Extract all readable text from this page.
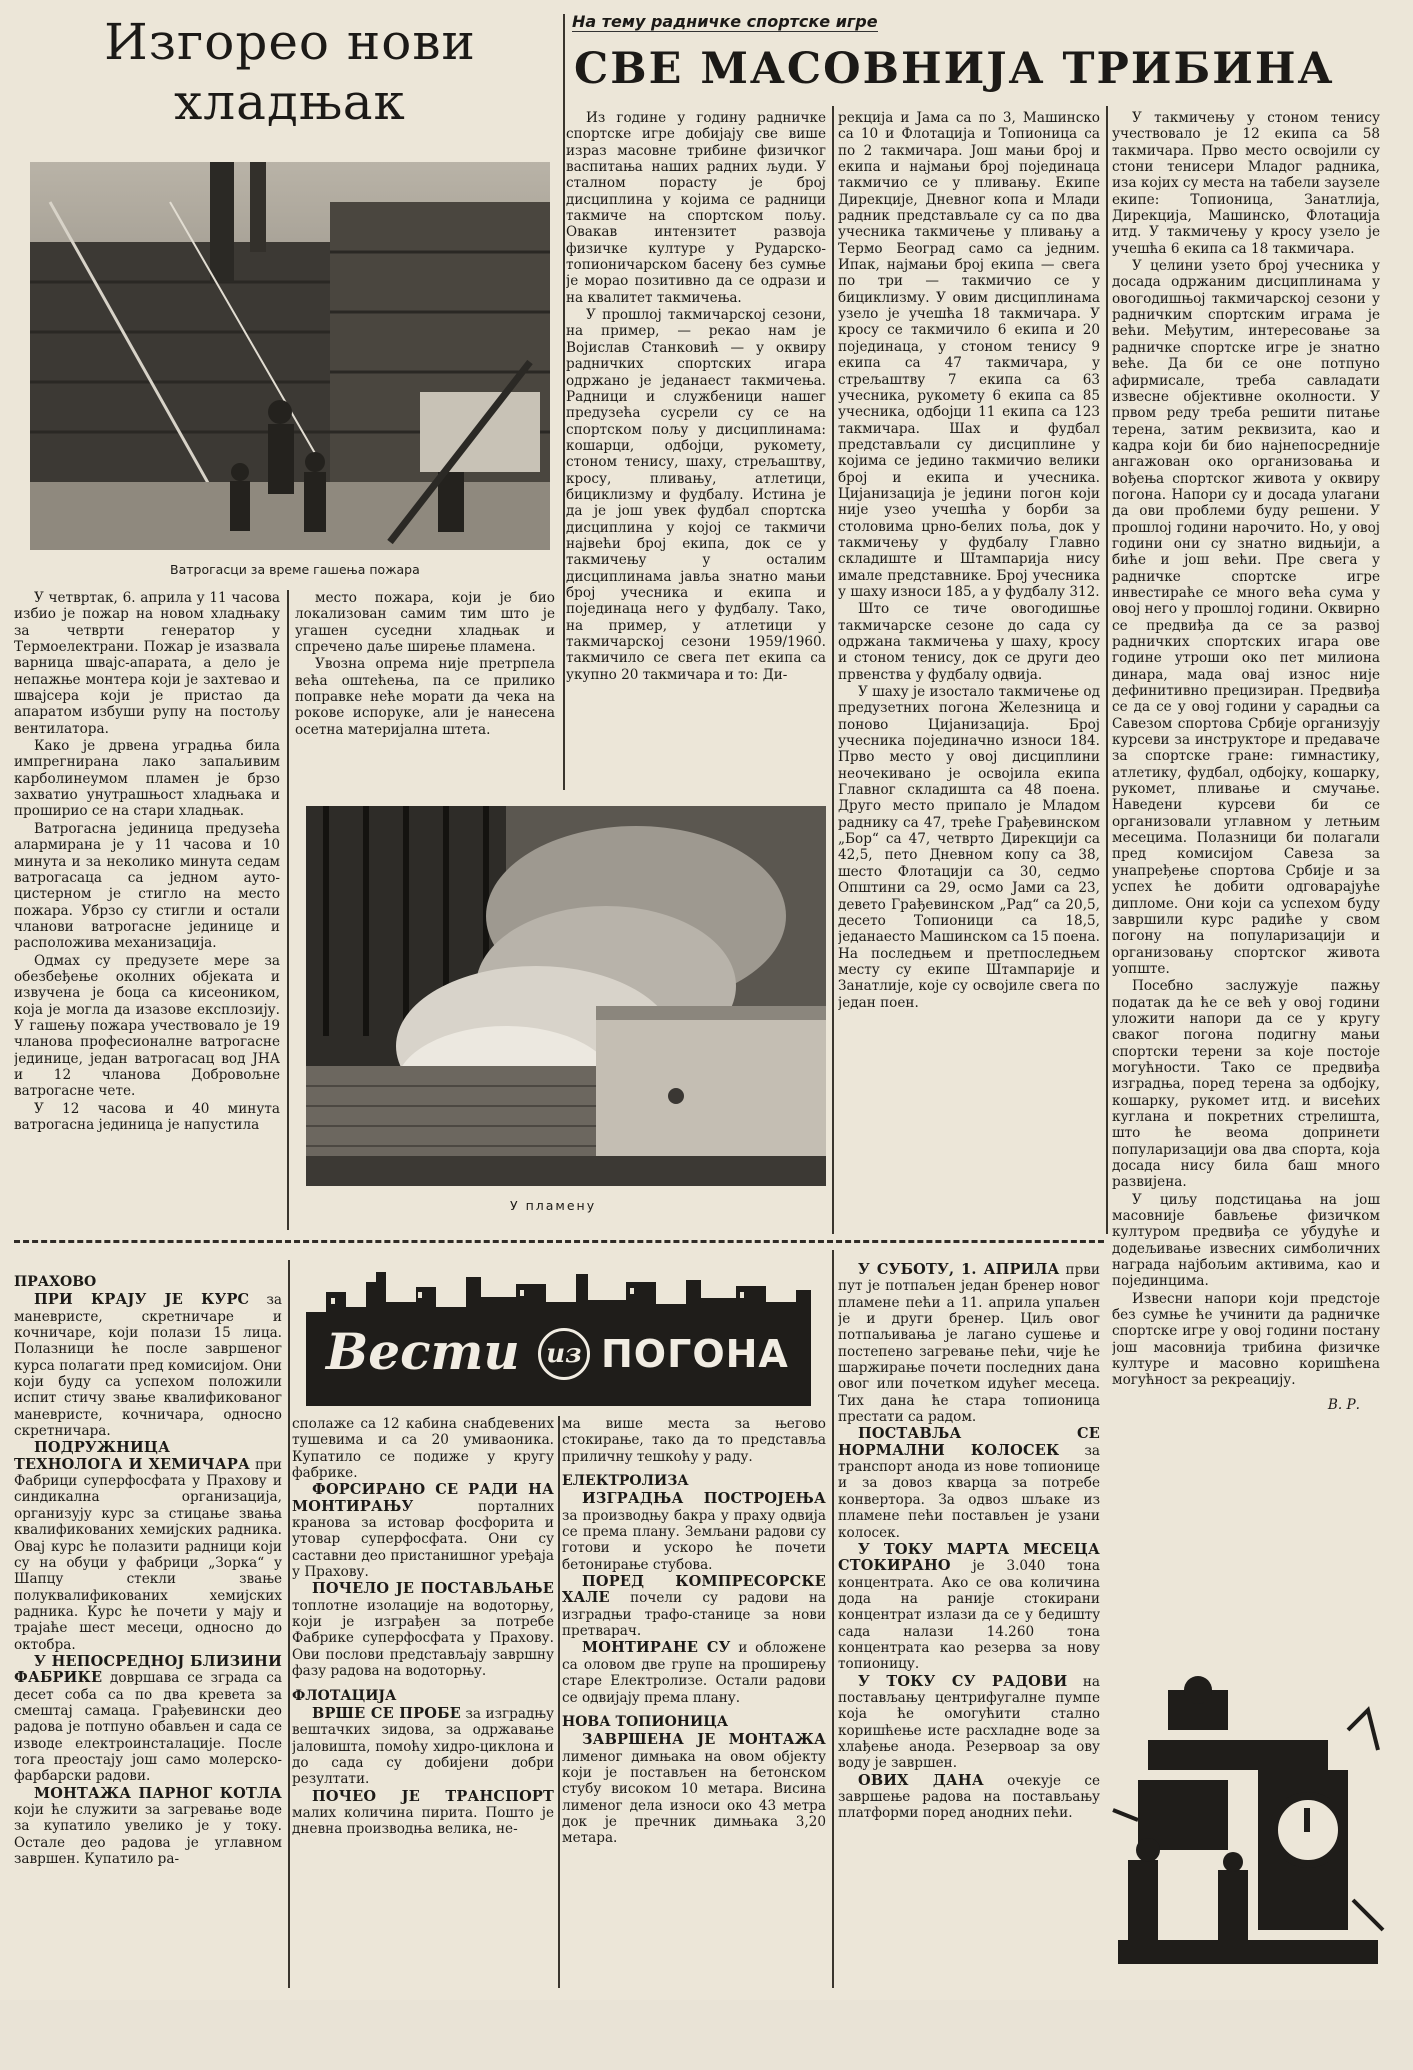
Изгорео нови
хладњак
Ватрогасци за време гашења пожара

У четвртак, 6. априла у 11 часова избио је пожар на новом хладњаку за четврти генератор у Термоелектрани. Пожар је изазвала варница шваjс-апарата, а дело је непажње монтера који је захтевао и швајсера који је пристао да апаратом избуши рупу на постољу вентилатора.

Како је дрвена уградња била импрегнирана лако запаљивим карболинеумом пламен је брзо захватио унутрашњост хладњака и проширио се на стари хладњак.

Ватрогасна јединица предузећа алармирана је у 11 часова и 10 минута и за неколико минута седам ватрогасаца са једном ауто-цистерном је стигло на место пожара. Убрзо су стигли и остали чланови ватрогасне јединице и расположива механизација.

Одмах су предузете мере за обезбеђење околних објеката и извучена је боца са кисеоником, која је могла да изазове експлозију. У гашењу пожара учествовало је 19 чланова професионалне ватрогасне јединице, један ватрогасац вод ЈНА и 12 чланова Добровољне ватрогасне чете.

У 12 часова и 40 минута ватрогасна јединица је напустила

место пожара, који је био локализован самим тим што је угашен суседни хладњак и спречено даље ширење пламена.

Увозна опрема није претрпела већа оштећења, па се прилико поправке неће морати да чека на рокове испоруке, али је нанесена осетна материјална штета.

У пламену
На тему радничке спортске игре
СВЕ МАСОВНИЈА ТРИБИНА

Из године у годину радничке спортске игре добијају све више израз масовне трибине физичког васпитања наших радних људи. У сталном порасту је број дисциплина у којима се радници такмиче на спортском пољу. Овакав интензитет развоја физичке културе у Рударско-топионичарском басену без сумње је морао позитивно да се одрази и на квалитет такмичења.

У прошлој такмичарској сезони, на пример, — рекао нам је Војислав Станковић — у оквиру радничких спортских игара одржано је једанаест такмичења. Радници и службеници нашег предузећа сусрели су се на спортском пољу у дисциплинама: кошарци, одбојци, рукомету, стоном тенису, шаху, стрељаштву, кросу, пливању, атлетици, бициклизму и фудбалу. Истина је да је још увек фудбал спортска дисциплина у којој се такмичи највећи број екипа, док се у такмичењу у осталим дисциплинама јавља знатно мањи број учесника и екипа и појединаца него у фудбалу. Тако, на пример, у атлетици у такмичарској сезони 1959/1960. такмичило се свега пет екипа са укупно 20 такмичара и то: Ди-

рекција и Јама са по 3, Машинско са 10 и Флотација и Топионица са по 2 такмичара. Још мањи број и екипа и најмањи број појединаца такмичио се у пливању. Екипе Дирекције, Дневног копа и Млади радник представљале су са по два учесника такмичење у пливању а Термо Београд само са једним. Ипак, најмањи број екипа — свега по три — такмичио се у бициклизму. У овим дисциплинама узело је учешћа 18 такмичара. У кросу се такмичило 6 екипа и 20 појединаца, у стоном тенису 9 екипа са 47 такмичара, у стрељаштву 7 екипа са 63 учесника, рукомету 6 екипа са 85 учесника, одбојци 11 екипа са 123 такмичара. Шах и фудбал представљали су дисциплине у којима се једино такмичио велики број и екипа и учесника. Цијанизација је једини погон који није узео учешћа у борби за столовима црно-белих поља, док у такмичењу у фудбалу Главно складиште и Штампарија нису имале представнике. Број учесника у шаху износи 185, а у фудбалу 312.

Што се тиче овогодишње такмичарске сезоне до сада су одржана такмичења у шаху, кросу и стоном тенису, док се други део првенства у фудбалу одвија.

У шаху је изостало такмичење од предузетних погона Железница и поново Цијанизација. Број учесника појединачно износи 184. Прво место у овој дисциплини неочекивано је освојила екипа Главног складишта са 48 поена. Друго место припало је Младом раднику са 47, треће Грађевинском „Бор“ са 47, четврто Дирекцији са 42,5, пето Дневном копу са 38, шесто Флотацији са 30, седмо Општини са 29, осмо Јами са 23, девето Грађевинском „Рад“ са 20,5, десето Топионици са 18,5, једанаесто Машинском са 15 поена. На последњем и претпоследњем месту су екипе Штампарије и Занатлије, које су освојиле свега по један поен.

У такмичењу у стоном тенису учествовало је 12 екипа са 58 такмичара. Прво место освојили су стони тенисери Младог радника, иза којих су места на табели заузеле екипе: Топионица, Занатлија, Дирекција, Машинско, Флотација итд. У такмичењу у кросу узело је учешћа 6 екипа са 18 такмичара.

У целини узето број учесника у досада одржаним дисциплинама у овогодишњој такмичарској сезони у радничким спортским играма је већи. Међутим, интересовање за радничке спортске игре је знатно веће. Да би се оне потпуно афирмисале, треба савладати извесне објективне околности. У првом реду треба решити питање терена, затим реквизита, као и кадра који би био најнепосредније ангажован око организовања и вођења спортског живота у оквиру погона. Напори су и досада улагани да ови проблеми буду решени. У прошлој години нарочито. Но, у овој години они су знатно видњији, а биће и још већи. Пре свега у радничке спортске игре инвестираће се много већа сума у овој него у прошлој години. Оквирно се предвиђа да се за развој радничких спортских игара ове године утроши око пет милиона динара, мада овај износ није дефинитивно прецизиран. Предвиђа се да се у овој години у сарадњи са Савезом спортова Србије организују курсеви за инструкторе и предаваче за спортске гране: гимнастику, атлетику, фудбал, одбојку, кошарку, рукомет, пливање и смучање. Наведени курсеви би се организовали углавном у летњим месецима. Полазници би полагали пред комисијом Савеза за унапређење спортова Србије и за успех ће добити одговарајуће дипломе. Они који са успехом буду завршили курс радиће у свом погону на популаризацији и организовању спортског живота уопште.

Посебно заслужује пажњу податак да ће се већ у овој години уложити напори да се у кругу сваког погона подигну мањи спортски терени за које постоје могућности. Тако се предвиђа изградња, поред терена за одбојку, кошарку, рукомет итд. и висећих куглана и покретних стрелишта, што ће веома допринети популаризацији ова два спорта, која досада нису била баш много развијена.

У циљу подстицања на још масовније бављење физичком културом предвиђа се убудуће и додељивање извесних симболичних награда најбољим активима, као и појединцима.

Извесни напори који предстоје без сумње ће учинити да радничке спортске игре у овој години постану још масовнија трибина физичке културе и масовно коришћена могућност за рекреацију.

В. Р.
ПРАХОВО

ПРИ КРАЈУ ЈЕ КУРС за маневристе, скретничаре и кочничаре, који полази 15 лица. Полазници ће после завршеног курса полагати пред комисијом. Они који буду са успехом положили испит стичу звање квалификованог маневристе, кочничара, односно скретничара.

ПОДРУЖНИЦА ТЕХНОЛОГА И ХЕМИЧАРА при Фабрици суперфосфата у Прахову и синдикална организација, организују курс за стицање звања квалификованих хемијских радника. Овај курс ће полазити радници који су на обуци у фабрици „Зорка“ у Шапцу стекли звање полуквалификованих хемијских радника. Курс ће почети у мају и трајаће шест месеци, односно до октобра.

У НЕПОСРЕДНОЈ БЛИЗИНИ ФАБРИКЕ довршава се зграда са десет соба са по два кревета за смештај самаца. Грађевински део радова је потпуно обављен и сада се изводе електроинсталације. После тога преостају још само молерско-фарбарски радови.

МОНТАЖА ПАРНОГ КОТЛА који ће служити за загревање воде за купатило увелико је у току. Остале део радова је углавном завршен. Купатило ра-

Вести	из ПОГОНА

сполаже са 12 кабина снабдевених тушевима и са 20 умиваоника. Купатило се подиже у кругу фабрике.

ФОРСИРАНО СЕ РАДИ НА МОНТИРАЊУ порталних кранова за истовар фосфорита и утовар суперфосфата. Они су саставни део пристанишног уређаја у Прахову.

ПОЧЕЛО ЈЕ ПОСТАВЉАЊЕ топлотне изолације на водоторњу, који је изграђен за потребе Фабрике суперфосфата у Прахову. Ови послови представљају завршну фазу радова на водоторњу.

ФЛОТАЦИЈА

ВРШЕ СЕ ПРОБЕ за изградњу вештачких зидова, за одржавање јаловишта, помоћу хидро-циклона и до сада су добијени добри резултати.

ПОЧЕО ЈЕ ТРАНСПОРТ малих количина пирита. Пошто је дневна производња велика, не-

ма више места за његово стокирање, тако да то представља приличну тешкоћу у раду.

ЕЛЕКТРОЛИЗА

ИЗГРАДЊА ПОСТРОЈЕЊА за производњу бакра у праху одвија се према плану. Земљани радови су готови и ускоро ће почети бетонирање стубова.

ПОРЕД КОМПРЕСОРСКЕ ХАЛЕ почели су радови на изградњи трафо-станице за нови претварач.

МОНТИРАНЕ СУ и обложене са оловом две групе на проширењу старе Електролизе. Остали радови се одвијају према плану.

НОВА ТОПИОНИЦА

ЗАВРШЕНА ЈЕ МОНТАЖА лименог димњака на овом објекту који је постављен на бетонском стубу високом 10 метара. Висина лименог дела износи око 43 метра док је пречник димњака 3,20 метара.

У СУБОТУ, 1. АПРИЛА први пут је потпаљен један бренер новог пламене пећи а 11. априла упаљен је и други бренер. Циљ овог потпаљивања је лагано сушење и постепено загревање пећи, чије ће шаржирање почети последних дана овог или почетком идућег месеца. Тих дана ће стара топионица престати са радом.

ПОСТАВЉА СЕ НОРМАЛНИ КОЛОСЕК за транспорт анода из нове топионице и за довоз кварца за потребе конвертора. За одвоз шљаке из пламене пећи постављен је узани колосек.

У ТОКУ МАРТА МЕСЕЦА СТОКИРАНО је 3.040 тона концентрата. Ако се ова количина дода на раније стокирани концентрат излази да се у бедиштy сада налази 14.260 тона концентрата као резерва за нову топионицу.

У ТОКУ СУ РАДОВИ на постављању центрифугалне пумпе која ће омогућити стално коришћење исте расхладне воде за хлађење анода. Резервоар за ову воду је завршен.

ОВИХ ДАНА очекује се завршење радова на постављању платформи поред анодних пећи.
